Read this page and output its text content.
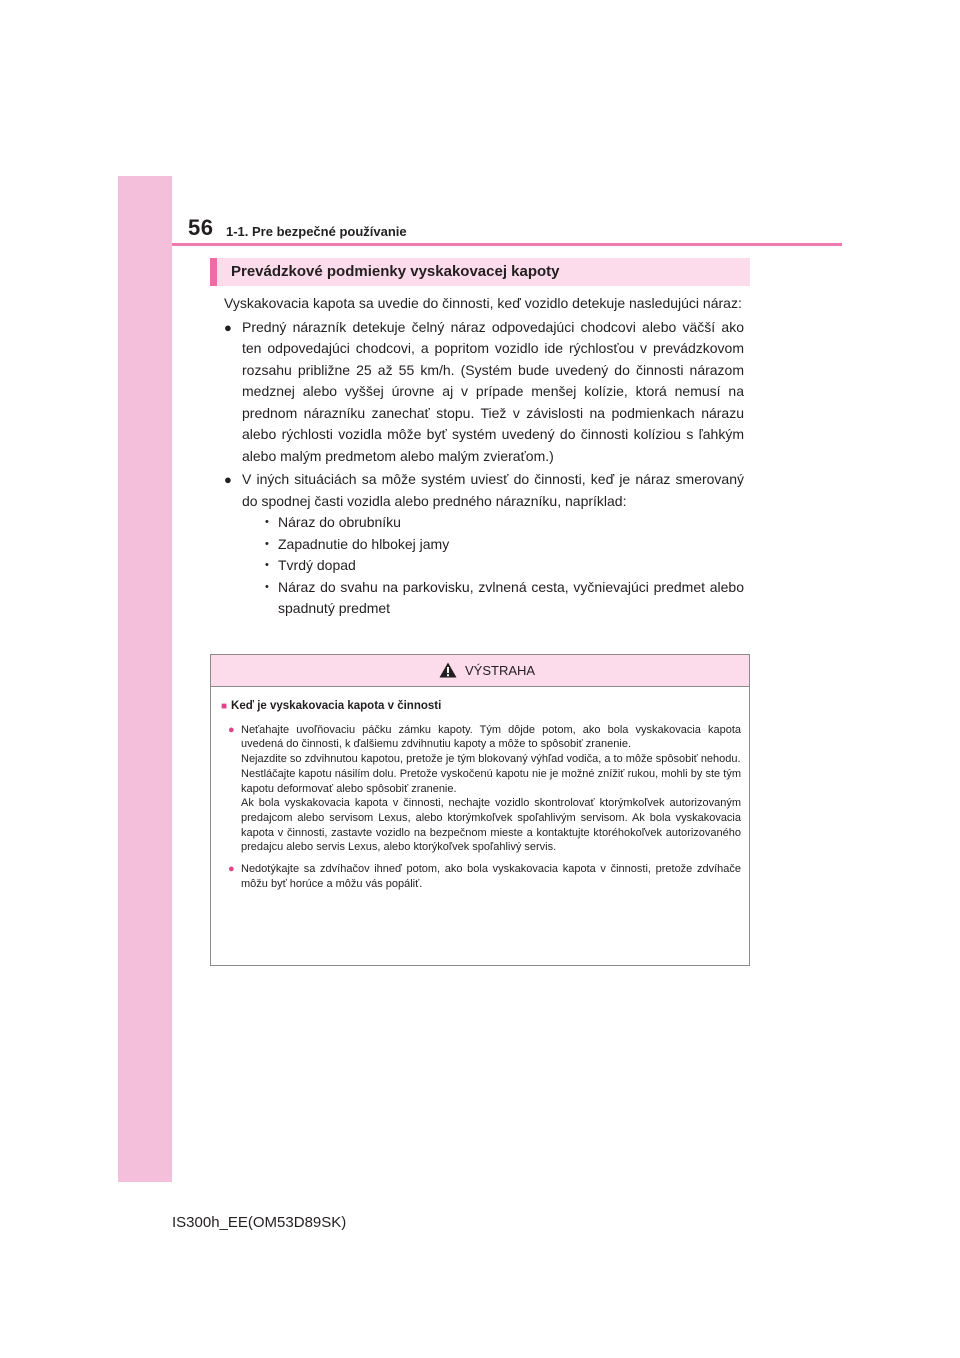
56 1-1. Pre bezpečné používanie
Prevádzkové podmienky vyskakovacej kapoty

Vyskakovacia kapota sa uvedie do činnosti, keď vozidlo detekuje nasledujúci náraz:

● Predný nárazník detekuje čelný náraz odpovedajúci chodcovi alebo väčší ako ten odpovedajúci chodcovi, a popritom vozidlo ide rýchlosťou v prevádzkovom rozsahu približne 25 až 55 km/h. (Systém bude uvedený do činnosti nárazom medznej alebo vyššej úrovne aj v prípade menšej kolízie, ktorá nemusí na prednom nárazníku zanechať stopu. Tiež v závislosti na podmienkach nárazu alebo rýchlosti vozidla môže byť systém uvedený do činnosti kolíziou s ľahkým alebo malým predmetom alebo malým zvieraťom.)

● V iných situáciách sa môže systém uviesť do činnosti, keď je náraz smerovaný do spodnej časti vozidla alebo predného nárazníku, napríklad:

• Náraz do obrubníku
• Zapadnutie do hlbokej jamy
• Tvrdý dopad
• Náraz do svahu na parkovisku, zvlnená cesta, vyčnievajúci predmet alebo spadnutý predmet
VÝSTRAHA
■ Keď je vyskakovacia kapota v činnosti
● Neťahajte uvoľňovaciu páčku zámku kapoty. Tým dôjde potom, ako bola vyskakovacia kapota uvedená do činnosti, k ďalšiemu zdvihnutiu kapoty a môže to spôsobiť zranenie.

Nejazdite so zdvihnutou kapotou, pretože je tým blokovaný výhľad vodiča, a to môže spôsobiť nehodu.

Nestláčajte kapotu násilím dolu. Pretože vyskočenú kapotu nie je možné znížiť rukou, mohli by ste tým kapotu deformovať alebo spôsobiť zranenie.

Ak bola vyskakovacia kapota v činnosti, nechajte vozidlo skontrolovať ktorýmkoľvek autorizovaným predajcom alebo servisom Lexus, alebo ktorýmkoľvek spoľahlivým servisom. Ak bola vyskakovacia kapota v činnosti, zastavte vozidlo na bezpečnom mieste a kontaktujte ktoréhokoľvek autorizovaného predajcu alebo servis Lexus, alebo ktorýkoľvek spoľahlivý servis.

● Nedotýkajte sa zdvíhačov ihneď potom, ako bola vyskakovacia kapota v činnosti, pretože zdvíhače môžu byť horúce a môžu vás popáliť.

IS300h_EE(OM53D89SK)
